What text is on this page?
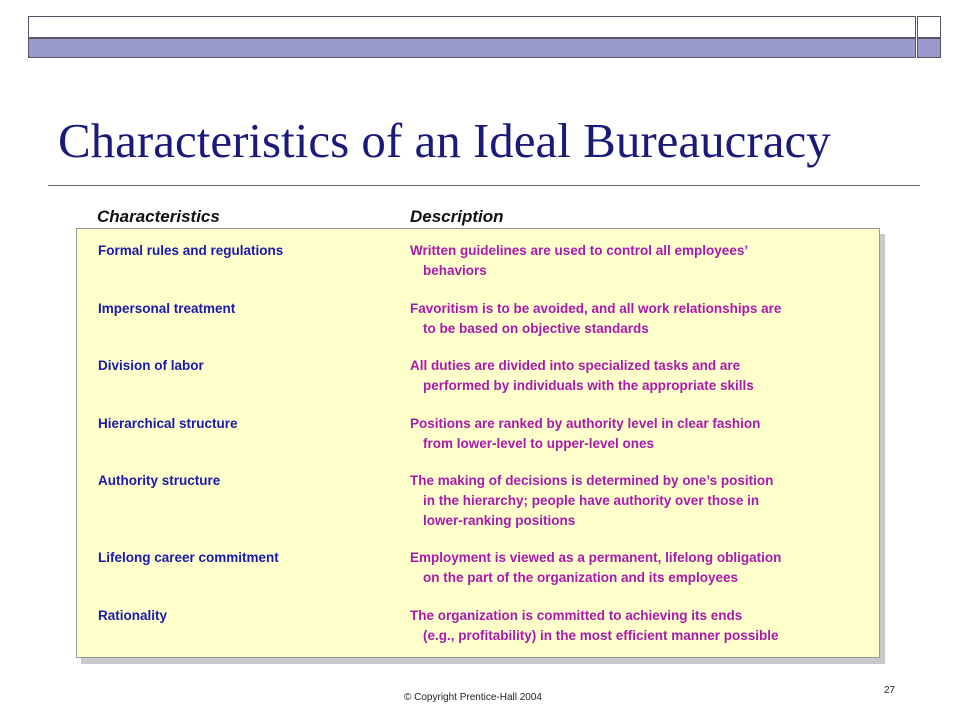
Characteristics of an Ideal Bureaucracy
Characteristics	Description
Formal rules and regulations	Written guidelines are used to control all employees’
behaviors
Impersonal treatment	Favoritism is to be avoided, and all work relationships are
to be based on objective standards
Division of labor	All duties are divided into specialized tasks and are
performed by individuals with the appropriate skills
Hierarchical structure	Positions are ranked by authority level in clear fashion
from lower-level to upper-level ones
Authority structure	The making of decisions is determined by one’s position
in the hierarchy; people have authority over those in
lower-ranking positions
Lifelong career commitment	Employment is viewed as a permanent, lifelong obligation
on the part of the organization and its employees
Rationality	The organization is committed to achieving its ends
(e.g., profitability) in the most efficient manner possible
© Copyright Prentice-Hall 2004
27
